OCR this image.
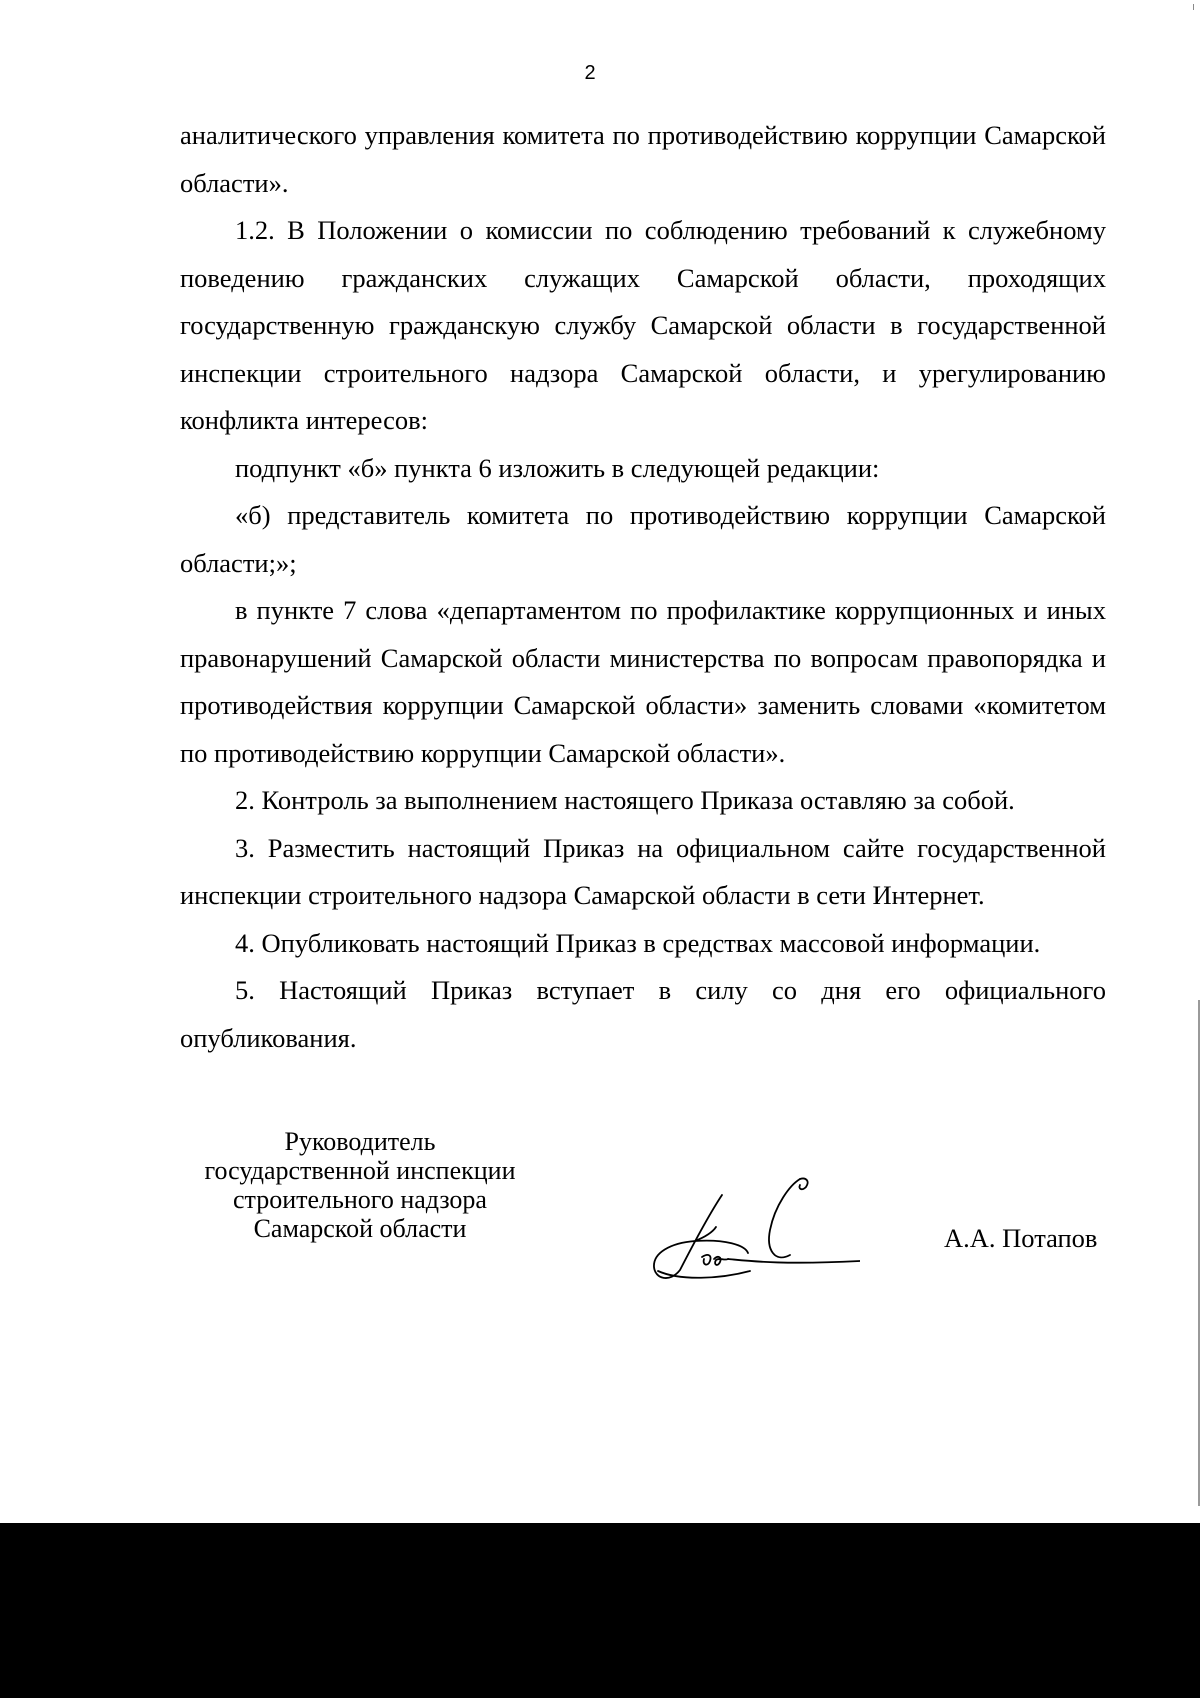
2

аналитического управления комитета по противодействию коррупции Самарской области».

1.2. В Положении о комиссии по соблюдению требований к служебному поведению гражданских служащих Самарской области, проходящих государственную гражданскую службу Самарской области в государственной инспекции строительного надзора Самарской области, и урегулированию конфликта интересов:

подпункт «б» пункта 6 изложить в следующей редакции:

«б) представитель комитета по противодействию коррупции Самарской области;»;

в пункте 7 слова «департаментом по профилактике коррупционных и иных правонарушений Самарской области министерства по вопросам правопорядка и противодействия коррупции Самарской области» заменить словами «комитетом по противодействию коррупции Самарской области».

2. Контроль за выполнением настоящего Приказа оставляю за собой.

3. Разместить настоящий Приказ на официальном сайте государственной инспекции строительного надзора Самарской области в сети Интернет.

4. Опубликовать настоящий Приказ в средствах массовой информации.

5. Настоящий Приказ вступает в силу со дня его официального опубликования.

Руководитель
государственной инспекции
строительного надзора
Самарской области	А.А. Потапов
